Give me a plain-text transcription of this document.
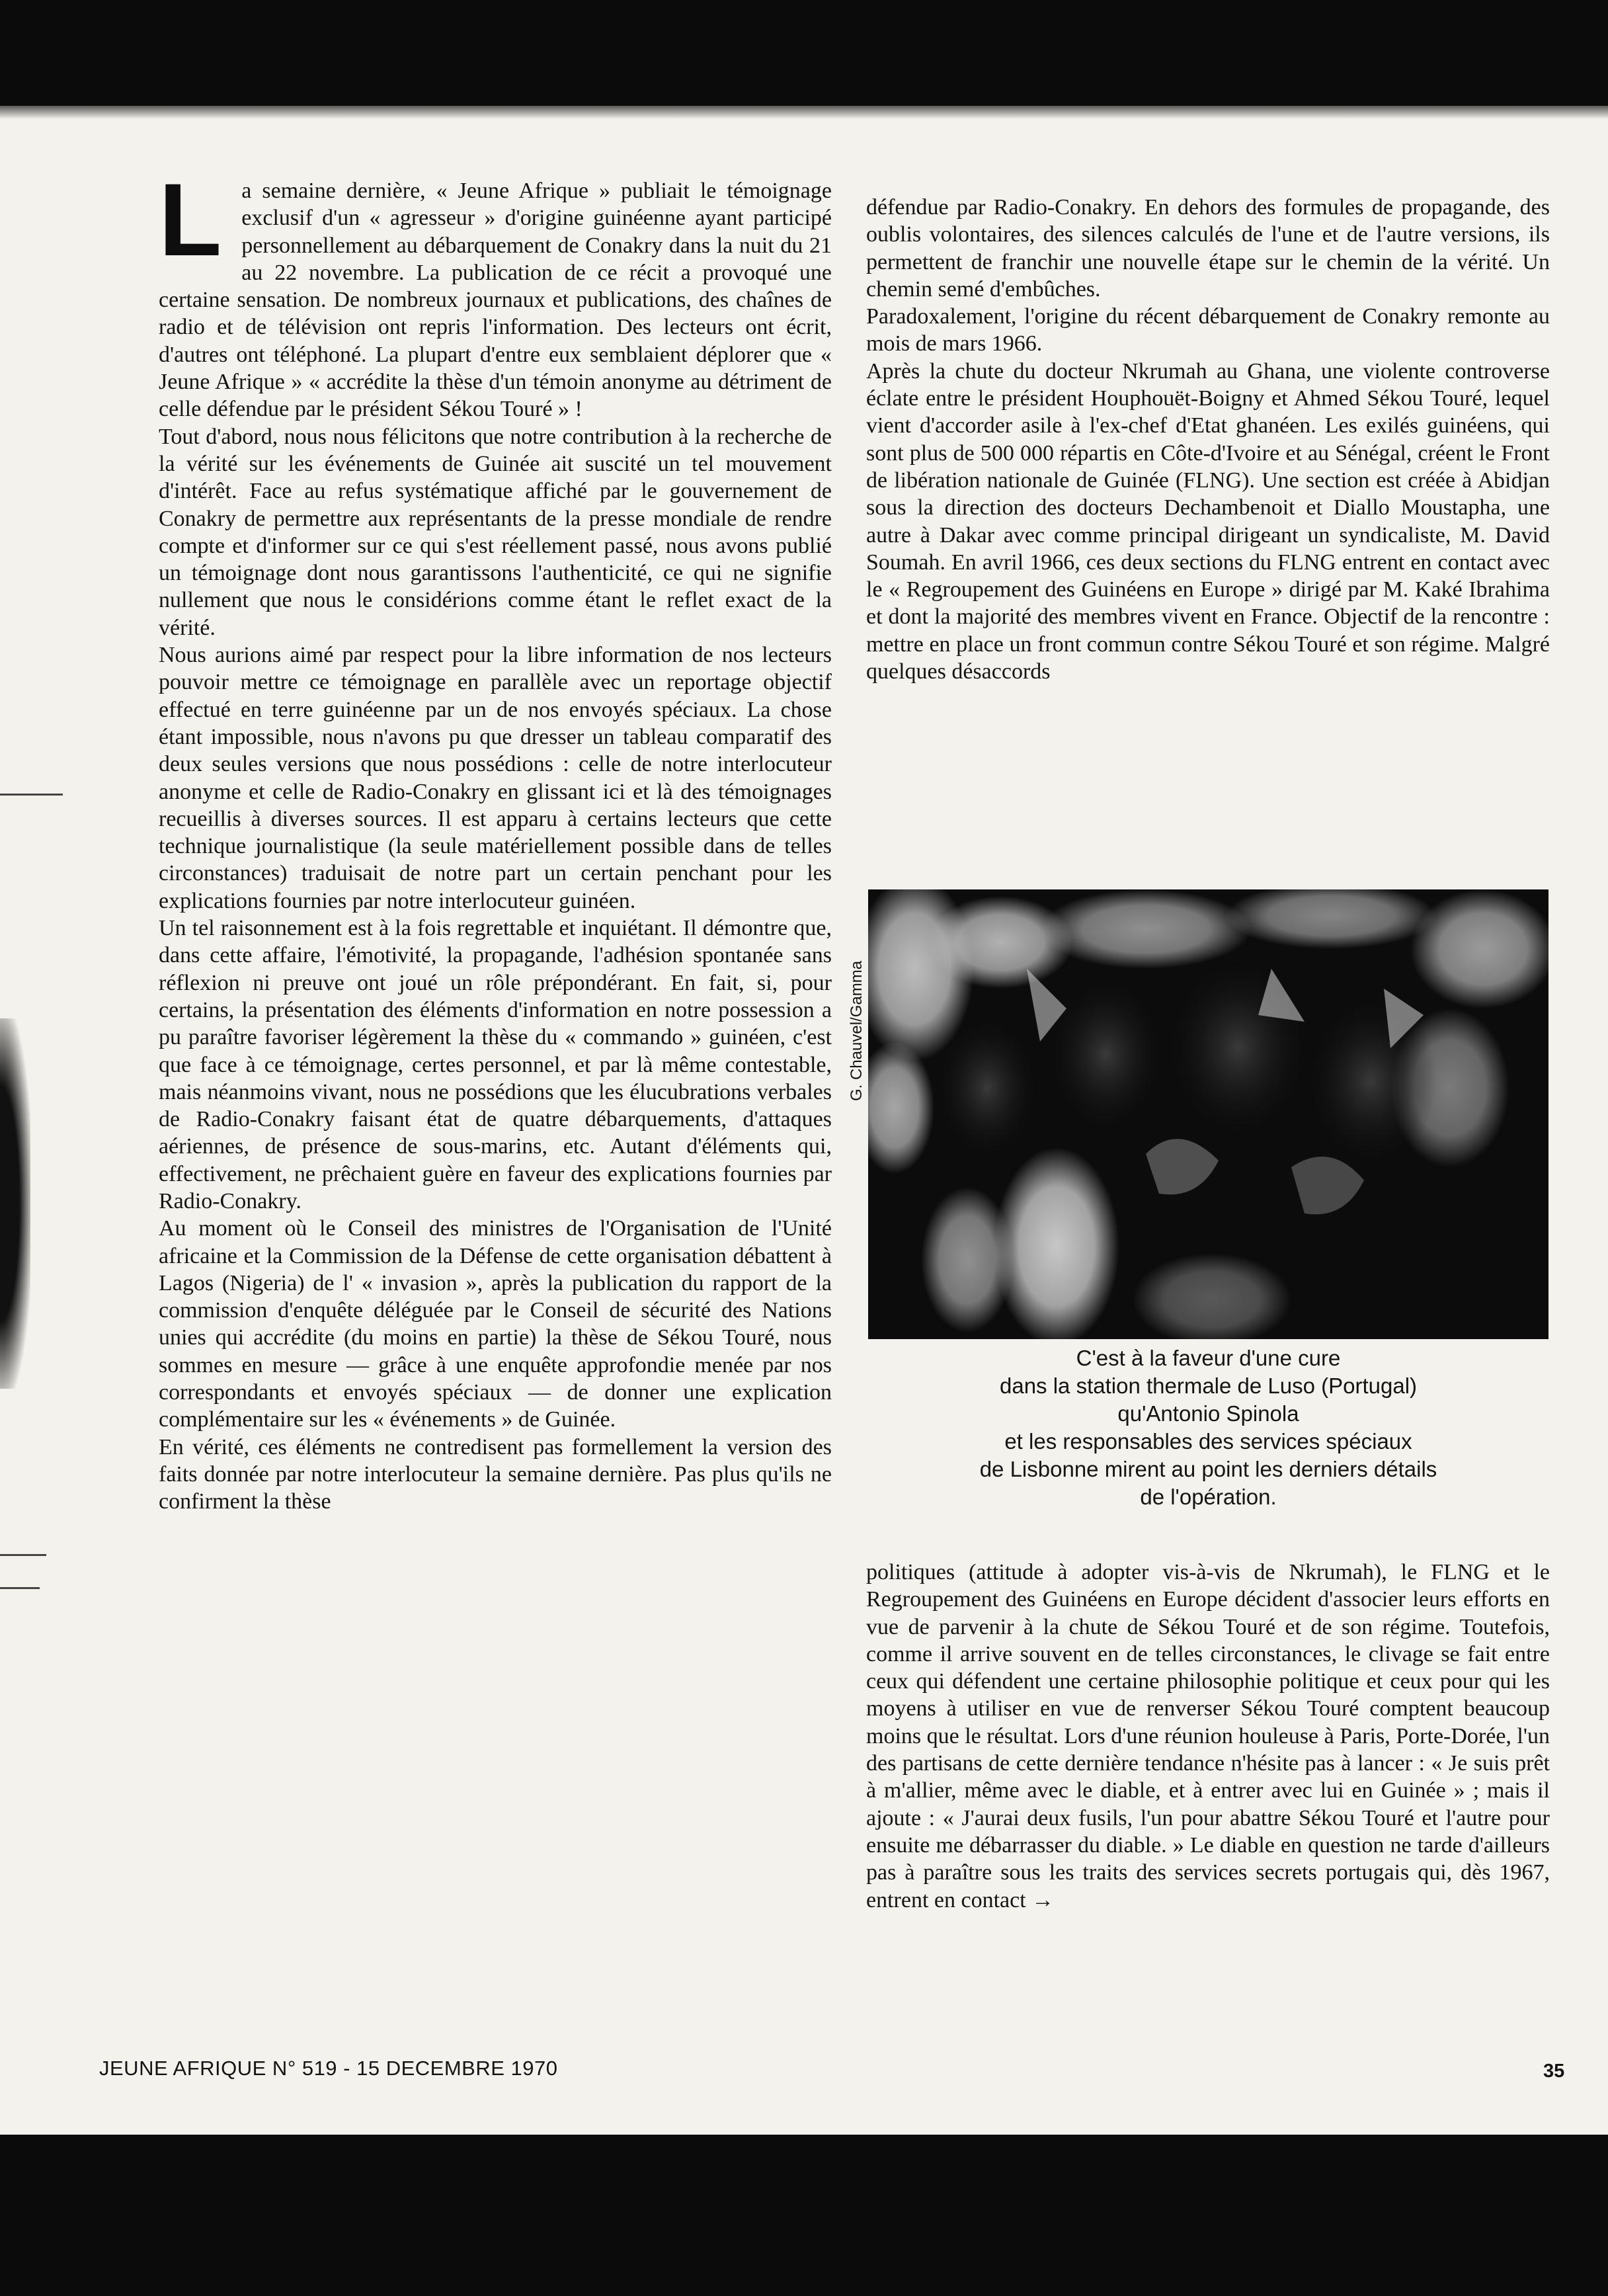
L a semaine dernière, « Jeune Afrique » publiait le témoignage exclusif d'un « agresseur » d'origine guinéenne ayant participé personnellement au débarquement de Conakry dans la nuit du 21 au 22 novembre. La publication de ce récit a provoqué une certaine sensation. De nombreux journaux et publications, des chaînes de radio et de télévision ont repris l'information. Des lecteurs ont écrit, d'autres ont téléphoné. La plupart d'entre eux semblaient déplorer que « Jeune Afrique » « accrédite la thèse d'un témoin anonyme au détriment de celle défendue par le président Sékou Touré » !

Tout d'abord, nous nous félicitons que notre contribution à la recherche de la vérité sur les événements de Guinée ait suscité un tel mouvement d'intérêt. Face au refus systématique affiché par le gouvernement de Conakry de permettre aux représentants de la presse mondiale de rendre compte et d'informer sur ce qui s'est réellement passé, nous avons publié un témoignage dont nous garantissons l'authenticité, ce qui ne signifie nullement que nous le considérions comme étant le reflet exact de la vérité.

Nous aurions aimé par respect pour la libre information de nos lecteurs pouvoir mettre ce témoignage en parallèle avec un reportage objectif effectué en terre guinéenne par un de nos envoyés spéciaux. La chose étant impossible, nous n'avons pu que dresser un tableau comparatif des deux seules versions que nous possédions : celle de notre interlocuteur anonyme et celle de Radio-Conakry en glissant ici et là des témoignages recueillis à diverses sources. Il est apparu à certains lecteurs que cette technique journalistique (la seule matériellement possible dans de telles circonstances) traduisait de notre part un certain penchant pour les explications fournies par notre interlocuteur guinéen.

Un tel raisonnement est à la fois regrettable et inquiétant. Il démontre que, dans cette affaire, l'émotivité, la propagande, l'adhésion spontanée sans réflexion ni preuve ont joué un rôle prépondérant. En fait, si, pour certains, la présentation des éléments d'information en notre possession a pu paraître favoriser légèrement la thèse du « commando » guinéen, c'est que face à ce témoignage, certes personnel, et par là même contestable, mais néanmoins vivant, nous ne possédions que les élucubrations verbales de Radio-Conakry faisant état de quatre débarquements, d'attaques aériennes, de présence de sous-marins, etc. Autant d'éléments qui, effectivement, ne prêchaient guère en faveur des explications fournies par Radio-Conakry.

Au moment où le Conseil des ministres de l'Organisation de l'Unité africaine et la Commission de la Défense de cette organisation débattent à Lagos (Nigeria) de l' « invasion », après la publication du rapport de la commission d'enquête déléguée par le Conseil de sécurité des Nations unies qui accrédite (du moins en partie) la thèse de Sékou Touré, nous sommes en mesure — grâce à une enquête approfondie menée par nos correspondants et envoyés spéciaux — de donner une explication complémentaire sur les « événements » de Guinée.

En vérité, ces éléments ne contredisent pas formellement la version des faits donnée par notre interlocuteur la semaine dernière. Pas plus qu'ils ne confirment la thèse

défendue par Radio-Conakry. En dehors des formules de propagande, des oublis volontaires, des silences calculés de l'une et de l'autre versions, ils permettent de franchir une nouvelle étape sur le chemin de la vérité. Un chemin semé d'embûches.

Paradoxalement, l'origine du récent débarquement de Conakry remonte au mois de mars 1966.

Après la chute du docteur Nkrumah au Ghana, une violente controverse éclate entre le président Houphouët-Boigny et Ahmed Sékou Touré, lequel vient d'accorder asile à l'ex-chef d'Etat ghanéen. Les exilés guinéens, qui sont plus de 500 000 répartis en Côte-d'Ivoire et au Sénégal, créent le Front de libération nationale de Guinée (FLNG). Une section est créée à Abidjan sous la direction des docteurs Dechambenoit et Diallo Moustapha, une autre à Dakar avec comme principal dirigeant un syndicaliste, M. David Soumah. En avril 1966, ces deux sections du FLNG entrent en contact avec le « Regroupement des Guinéens en Europe » dirigé par M. Kaké Ibrahima et dont la majorité des membres vivent en France. Objectif de la rencontre : mettre en place un front commun contre Sékou Touré et son régime. Malgré quelques désaccords

G. Chauvel/Gamma

C'est à la faveur d'une cure

dans la station thermale de Luso (Portugal)

qu'Antonio Spinola

et les responsables des services spéciaux

de Lisbonne mirent au point les derniers détails

de l'opération.

politiques (attitude à adopter vis-à-vis de Nkrumah), le FLNG et le Regroupement des Guinéens en Europe décident d'associer leurs efforts en vue de parvenir à la chute de Sékou Touré et de son régime. Toutefois, comme il arrive souvent en de telles circonstances, le clivage se fait entre ceux qui défendent une certaine philosophie politique et ceux pour qui les moyens à utiliser en vue de renverser Sékou Touré comptent beaucoup moins que le résultat. Lors d'une réunion houleuse à Paris, Porte-Dorée, l'un des partisans de cette dernière tendance n'hésite pas à lancer : « Je suis prêt à m'allier, même avec le diable, et à entrer avec lui en Guinée » ; mais il ajoute : « J'aurai deux fusils, l'un pour abattre Sékou Touré et l'autre pour ensuite me débarrasser du diable. » Le diable en question ne tarde d'ailleurs pas à paraître sous les traits des services secrets portugais qui, dès 1967, entrent en contact →

JEUNE AFRIQUE N° 519 - 15 DECEMBRE 1970	35
